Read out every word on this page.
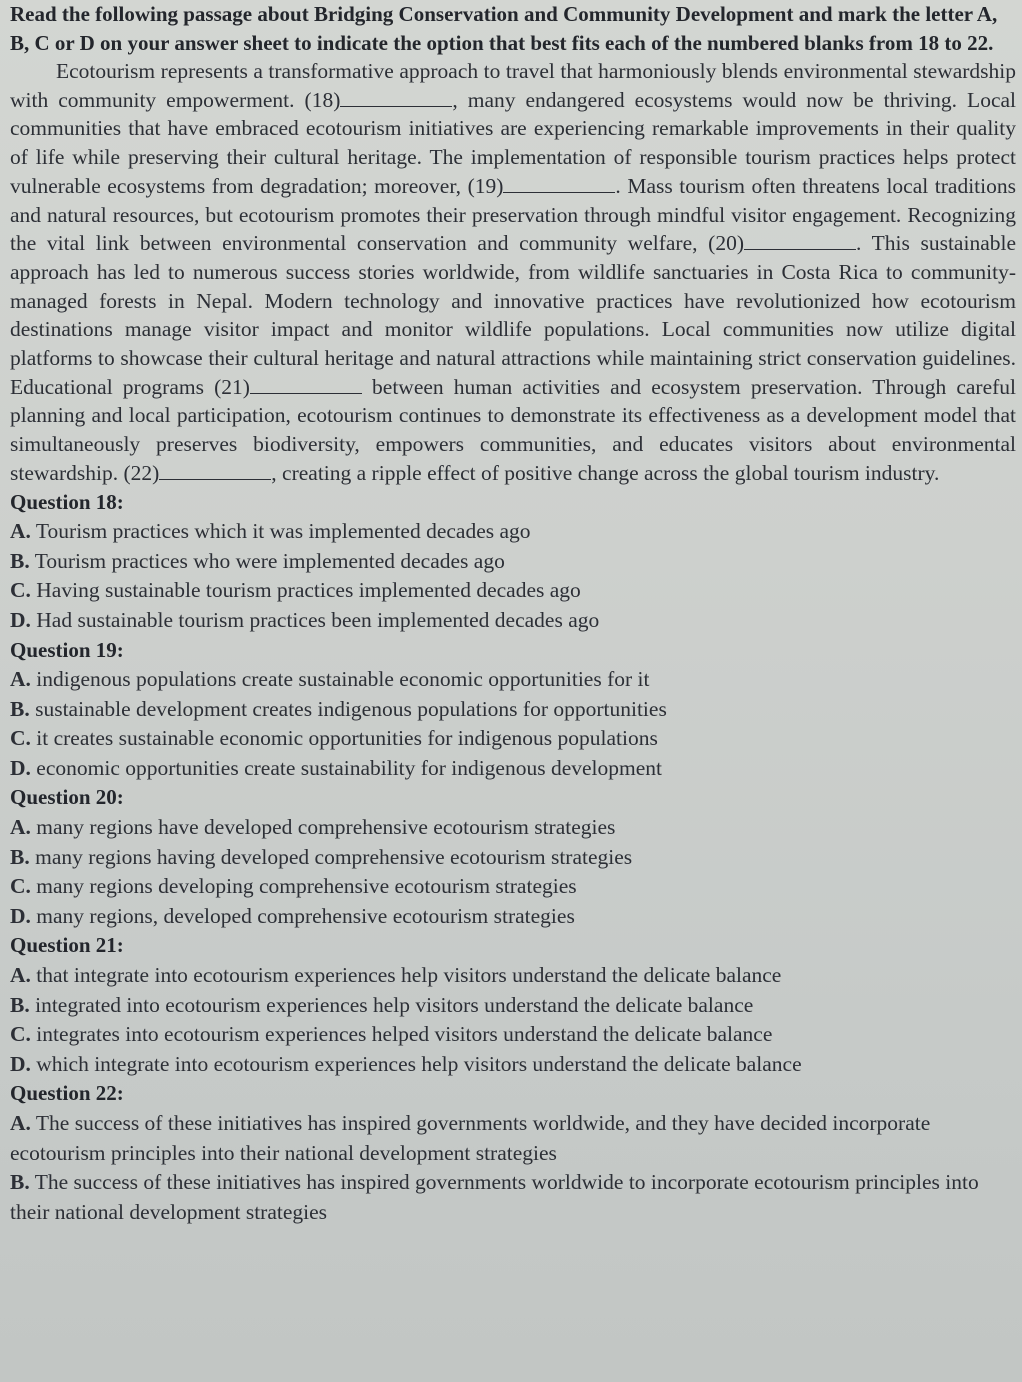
Read the following passage about Bridging Conservation and Community Development and mark the letter A, B, C or D on your answer sheet to indicate the option that best fits each of the numbered blanks from 18 to 22.

Ecotourism represents a transformative approach to travel that harmoniously blends environmental stewardship with community empowerment. (18)	, many endangered ecosystems would now be thriving. Local communities that have embraced ecotourism initiatives are experiencing remarkable improvements in their quality of life while preserving their cultural heritage. The implementation of responsible tourism practices helps protect vulnerable ecosystems from degradation; moreover, (19)	. Mass tourism often threatens local traditions and natural resources, but ecotourism promotes their preservation through mindful visitor engagement. Recognizing the vital link between environmental conservation and community welfare, (20)	. This sustainable approach has led to numerous success stories worldwide, from wildlife sanctuaries in Costa Rica to community-managed forests in Nepal. Modern technology and innovative practices have revolutionized how ecotourism destinations manage visitor impact and monitor wildlife populations. Local communities now utilize digital platforms to showcase their cultural heritage and natural attractions while maintaining strict conservation guidelines. Educational programs (21)	between human activities and ecosystem preservation. Through careful planning and local participation, ecotourism continues to demonstrate its effectiveness as a development model that simultaneously preserves biodiversity, empowers communities, and educates visitors about environmental stewardship. (22)	, creating a ripple effect of positive change across the global tourism industry.

Question 18:

A. Tourism practices which it was implemented decades ago

B. Tourism practices who were implemented decades ago

C. Having sustainable tourism practices implemented decades ago

D. Had sustainable tourism practices been implemented decades ago

Question 19:

A. indigenous populations create sustainable economic opportunities for it

B. sustainable development creates indigenous populations for opportunities

C. it creates sustainable economic opportunities for indigenous populations

D. economic opportunities create sustainability for indigenous development

Question 20:

A. many regions have developed comprehensive ecotourism strategies

B. many regions having developed comprehensive ecotourism strategies

C. many regions developing comprehensive ecotourism strategies

D. many regions, developed comprehensive ecotourism strategies

Question 21:

A. that integrate into ecotourism experiences help visitors understand the delicate balance

B. integrated into ecotourism experiences help visitors understand the delicate balance

C. integrates into ecotourism experiences helped visitors understand the delicate balance

D. which integrate into ecotourism experiences help visitors understand the delicate balance

Question 22:

A. The success of these initiatives has inspired governments worldwide, and they have decided incorporate ecotourism principles into their national development strategies

B. The success of these initiatives has inspired governments worldwide to incorporate ecotourism principles into their national development strategies
